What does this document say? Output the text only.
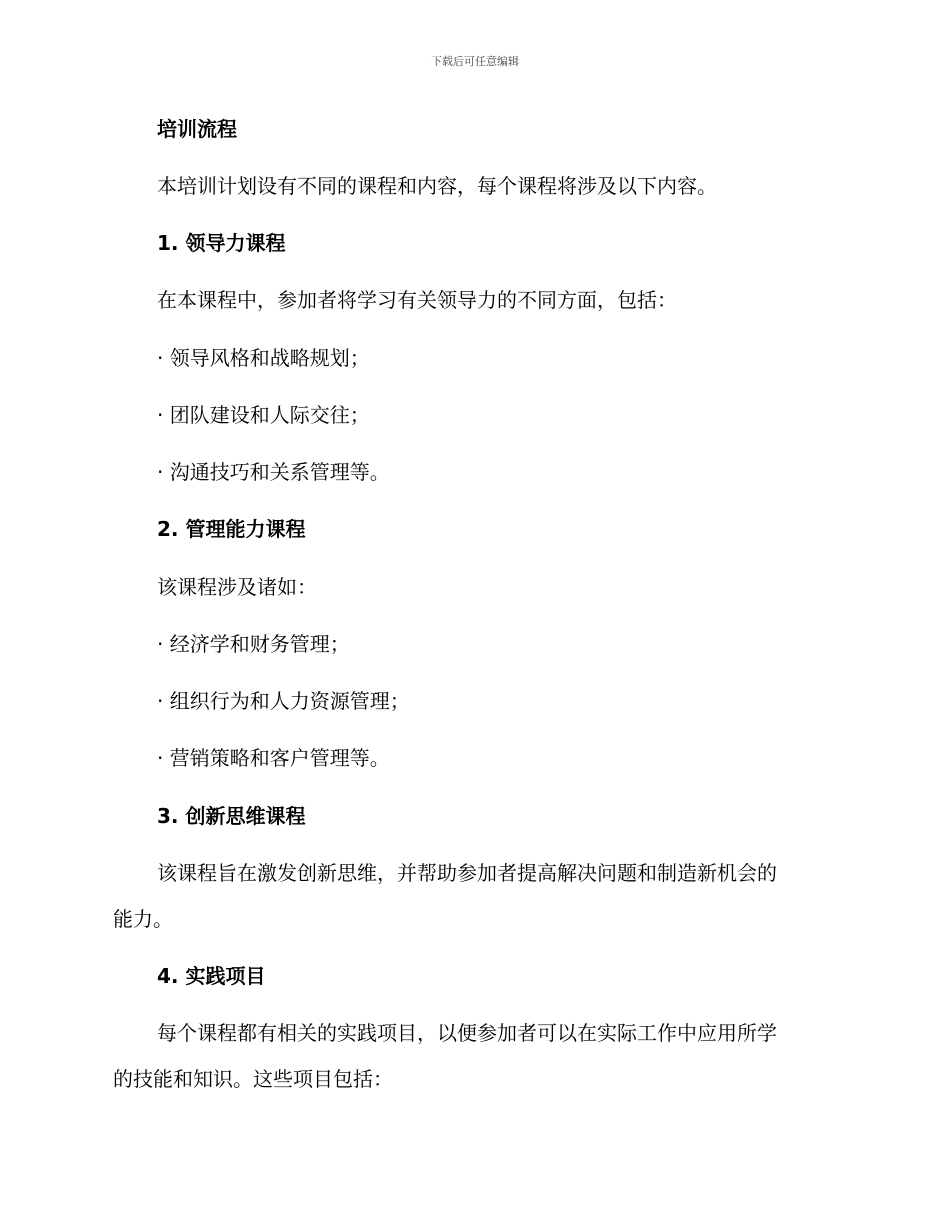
下载后可任意编辑
培训流程
本培训计划设有不同的课程和内容，每个课程将涉及以下内容。
1. 领导力课程
在本课程中，参加者将学习有关领导力的不同方面，包括：
· 领导风格和战略规划；
· 团队建设和人际交往；
· 沟通技巧和关系管理等。
2. 管理能力课程
该课程涉及诸如：
· 经济学和财务管理；
· 组织行为和人力资源管理；
· 营销策略和客户管理等。
3. 创新思维课程
该课程旨在激发创新思维，并帮助参加者提高解决问题和制造新机会的
能力。
4. 实践项目
每个课程都有相关的实践项目，以便参加者可以在实际工作中应用所学
的技能和知识。这些项目包括：
